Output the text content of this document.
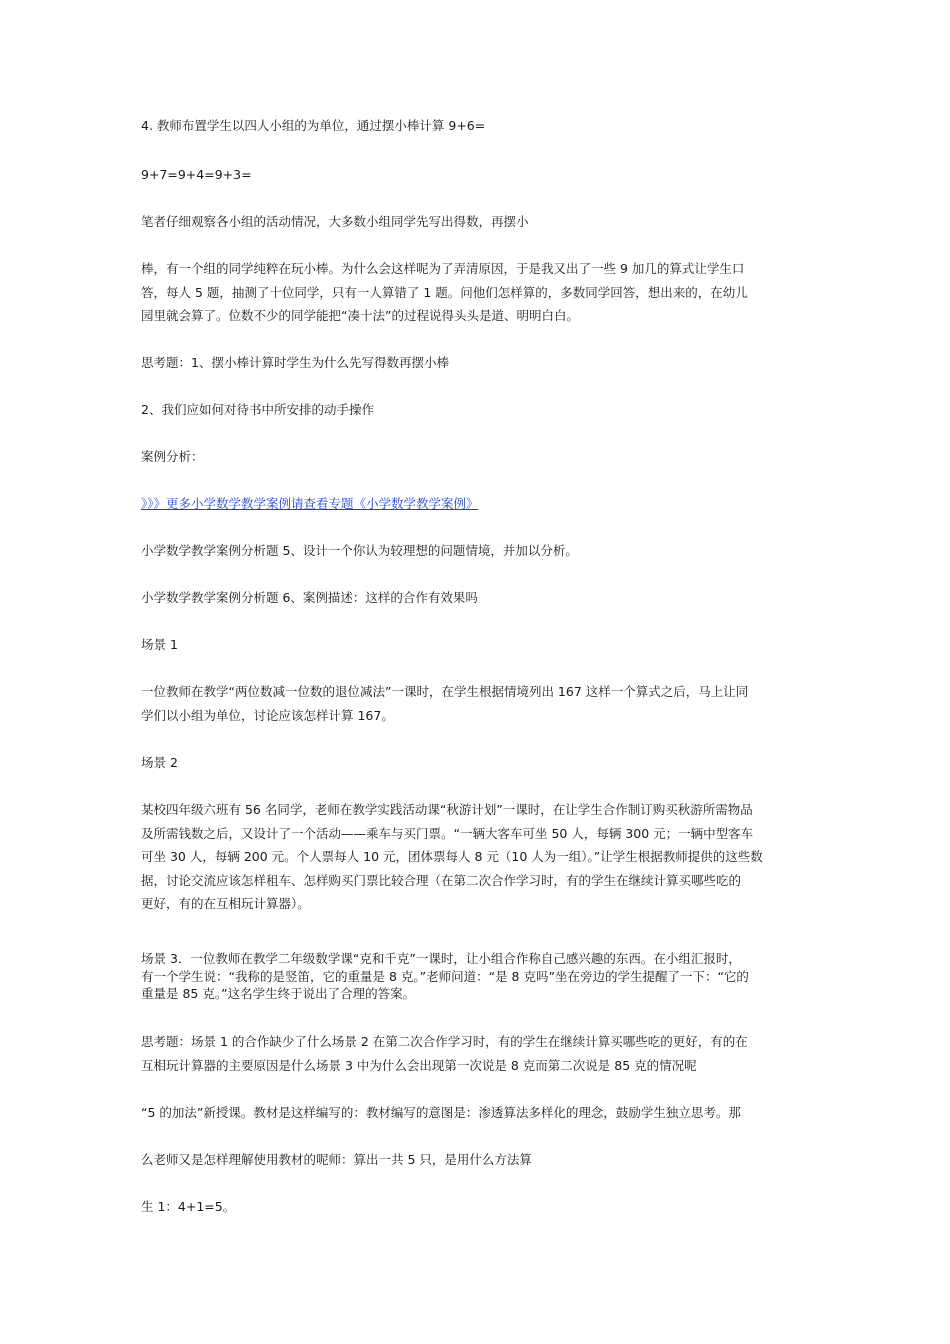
4. 教师布置学生以四人小组的为单位，通过摆小棒计算 9+6=

9+7=9+4=9+3=

笔者仔细观察各小组的活动情况，大多数小组同学先写出得数，再摆小

棒，有一个组的同学纯粹在玩小棒。为什么会这样呢为了弄清原因，于是我又出了一些 9 加几的算式让学生口
答，每人 5 题，抽测了十位同学，只有一人算错了 1 题。问他们怎样算的，多数同学回答，想出来的，在幼儿
园里就会算了。位数不少的同学能把“凑十法”的过程说得头头是道、明明白白。

思考题：1、摆小棒计算时学生为什么先写得数再摆小棒

2、我们应如何对待书中所安排的动手操作

案例分析：

》》》更多小学数学教学案例请查看专题《小学数学教学案例》

小学数学教学案例分析题 5、设计一个你认为较理想的问题情境，并加以分析。

小学数学教学案例分析题 6、案例描述：这样的合作有效果吗

场景 1

一位教师在教学“两位数减一位数的退位减法”一课时，在学生根据情境列出 167 这样一个算式之后，马上让同
学们以小组为单位，讨论应该怎样计算 167。

场景 2

某校四年级六班有 56 名同学，老师在教学实践活动课“秋游计划”一课时，在让学生合作制订购买秋游所需物品
及所需钱数之后，又设计了一个活动——乘车与买门票。“一辆大客车可坐 50 人，每辆 300 元；一辆中型客车
可坐 30 人，每辆 200 元。个人票每人 10 元，团体票每人 8 元（10 人为一组）。”让学生根据教师提供的这些数
据，讨论交流应该怎样租车、怎样购买门票比较合理（在第二次合作学习时，有的学生在继续计算买哪些吃的
更好，有的在互相玩计算器）。

场景 3．一位教师在教学二年级数学课“克和千克”一课时，让小组合作称自己感兴趣的东西。在小组汇报时，
有一个学生说：“我称的是竖笛，它的重量是 8 克。”老师问道：“是 8 克吗”坐在旁边的学生提醒了一下：“它的
重量是 85 克。”这名学生终于说出了合理的答案。

思考题：场景 1 的合作缺少了什么场景 2 在第二次合作学习时，有的学生在继续计算买哪些吃的更好，有的在
互相玩计算器的主要原因是什么场景 3 中为什么会出现第一次说是 8 克而第二次说是 85 克的情况呢

“5 的加法”新授课。教材是这样编写的：教材编写的意图是：渗透算法多样化的理念，鼓励学生独立思考。那

么老师又是怎样理解使用教材的呢师：算出一共 5 只，是用什么方法算

生 1：4+1=5。
